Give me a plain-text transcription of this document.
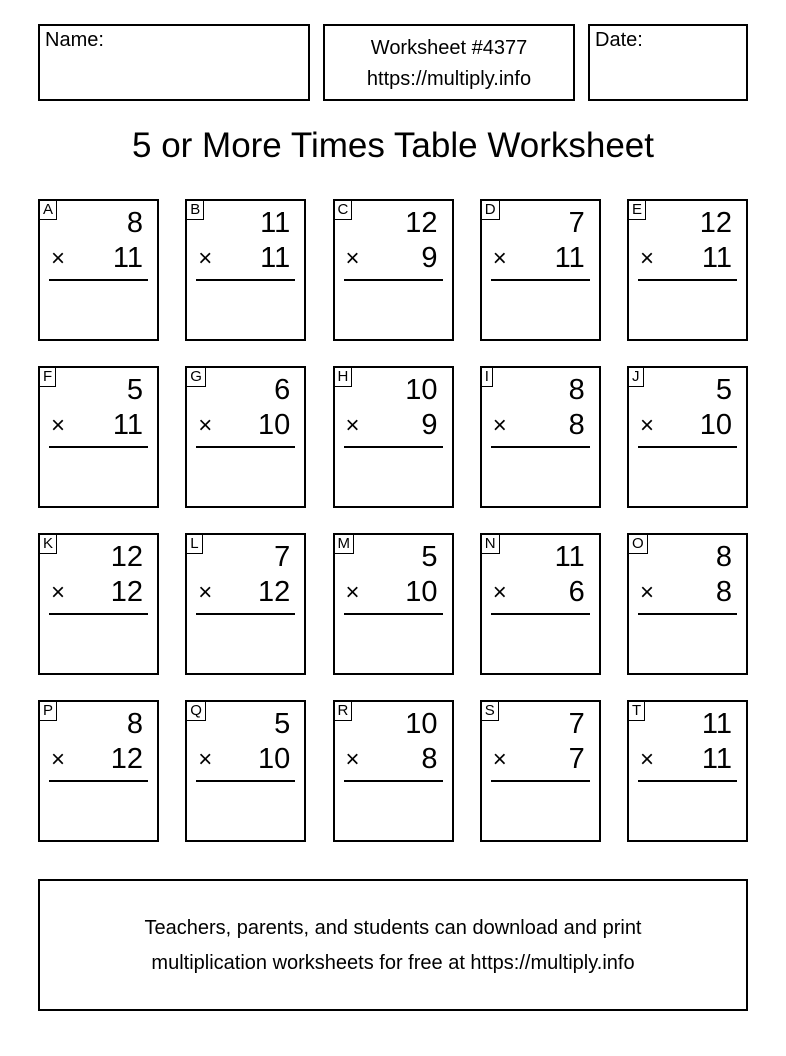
Name:	Worksheet #4377
https://multiply.info
Date:
5 or More Times Table Worksheet
A	8
× 11
B 11
× 11
C 12
× 9
D	7
× 11
E 12
× 11
F	5
× 11
G 6
× 10
H 10
× 9
I	8
× 8
J	5
× 10
K 12
× 12
L	7
× 12
M 5
× 10
N 11
× 6
O 8
× 8
P	8
× 12
Q 5
× 10
R 10
× 8
S	7
× 7
T 11
× 11
Teachers, parents, and students can download and print
multiplication worksheets for free at https://multiply.info
